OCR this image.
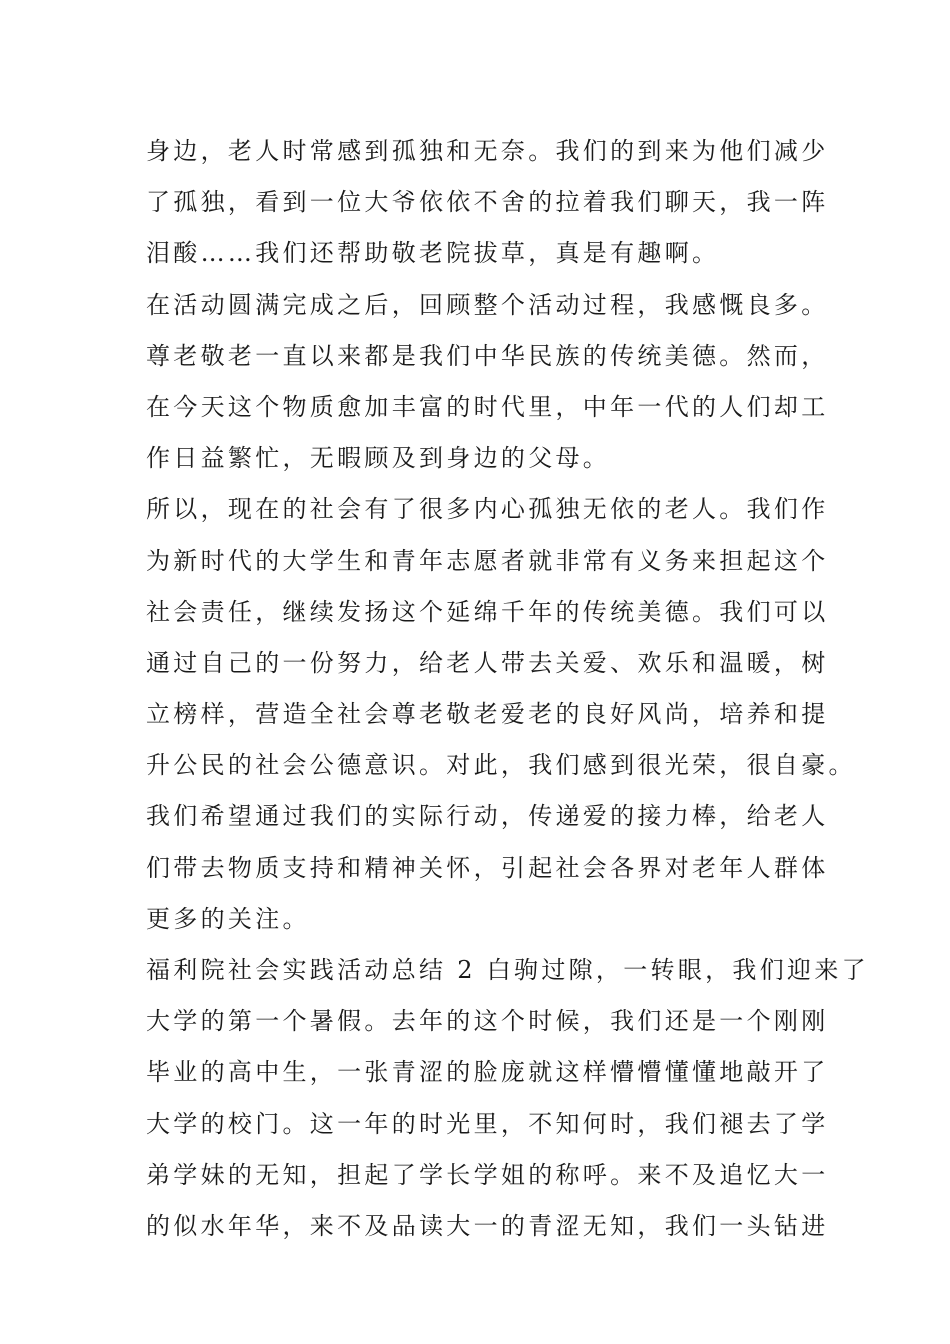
身边，老人时常感到孤独和无奈。我们的到来为他们减少
了孤独，看到一位大爷依依不舍的拉着我们聊天，我一阵
泪酸……我们还帮助敬老院拔草，真是有趣啊。
在活动圆满完成之后，回顾整个活动过程，我感慨良多。
尊老敬老一直以来都是我们中华民族的传统美德。然而，
在今天这个物质愈加丰富的时代里，中年一代的人们却工
作日益繁忙，无暇顾及到身边的父母。
所以，现在的社会有了很多内心孤独无依的老人。我们作
为新时代的大学生和青年志愿者就非常有义务来担起这个
社会责任，继续发扬这个延绵千年的传统美德。我们可以
通过自己的一份努力，给老人带去关爱、欢乐和温暖，树
立榜样，营造全社会尊老敬老爱老的良好风尚，培养和提
升公民的社会公德意识。对此，我们感到很光荣，很自豪。
我们希望通过我们的实际行动，传递爱的接力棒，给老人
们带去物质支持和精神关怀，引起社会各界对老年人群体
更多的关注。
福利院社会实践活动总结 2 白驹过隙，一转眼，我们迎来了
大学的第一个暑假。去年的这个时候，我们还是一个刚刚
毕业的高中生，一张青涩的脸庞就这样懵懵懂懂地敲开了
大学的校门。这一年的时光里，不知何时，我们褪去了学
弟学妹的无知，担起了学长学姐的称呼。来不及追忆大一
的似水年华，来不及品读大一的青涩无知，我们一头钻进
